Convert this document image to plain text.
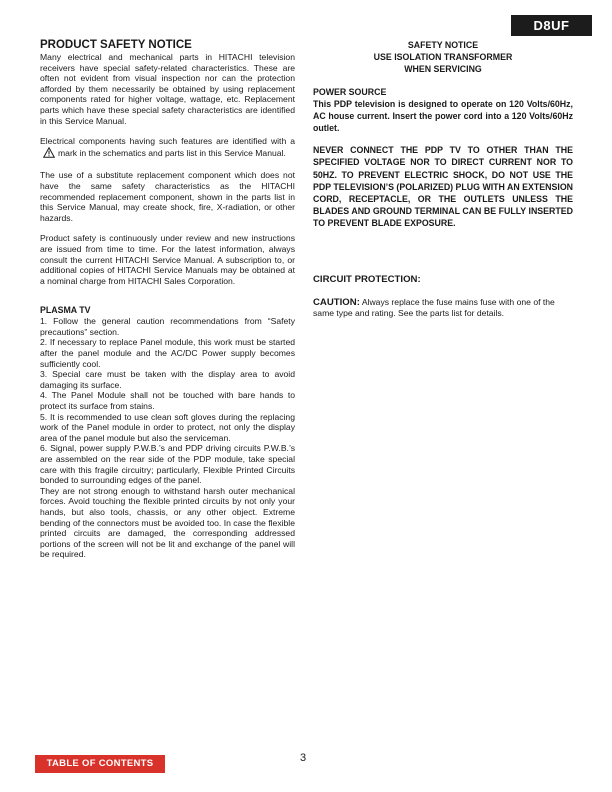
D8UF
PRODUCT SAFETY NOTICE

Many electrical and mechanical parts in HITACHI television receivers have special safety-related characteristics. These are often not evident from visual inspection nor can the protection afforded by them necessarily be obtained by using replacement components rated for higher voltage, wattage, etc. Replacement parts which have these special safety characteristics are identified in this Service Manual.

Electrical components having such features are identified with amark in the schematics and parts list in this Service Manual.

The use of a substitute replacement component which does not have the same safety characteristics as the HITACHI recommended replacement component, shown in the parts list in this Service Manual, may create shock, fire, X-radiation, or other hazards.

Product safety is continuously under review and new instructions are issued from time to time. For the latest information, always consult the current HITACHI Service Manual. A subscription to, or additional copies of HITACHI Service Manuals may be obtained at a nominal charge from HITACHI Sales Corporation.

PLASMA TV

1. Follow the general caution recommendations from “Safety precautions” section.

2. If necessary to replace Panel module, this work must be started after the panel module and the AC/DC Power supply becomes sufficiently cool.

3. Special care must be taken with the display area to avoid damaging its surface.

4. The Panel Module shall not be touched with bare hands to protect its surface from stains.

5. It is recommended to use clean soft gloves during the replacing work of the Panel module in order to protect, not only the display area of the panel module but also the serviceman.

6. Signal, power supply P.W.B.’s and PDP driving circuits P.W.B.’s are assembled on the rear side of the PDP module, take special care with this fragile circuitry; particularly, Flexible Printed Circuits bonded to surrounding edges of the panel.

They are not strong enough to withstand harsh outer mechanical forces. Avoid touching the flexible printed circuits by not only your hands, but also tools, chassis, or any other object. Extreme bending of the connectors must be avoided too. In case the flexible printed circuits are damaged, the corresponding addressed portions of the screen will not be lit and exchange of the panel will be required.

SAFETY NOTICE

USE ISOLATION TRANSFORMER

WHEN SERVICING

POWER SOURCE

This PDP television is designed to operate on 120 Volts/60Hz, AC house current. Insert the power cord into a 120 Volts/60Hz outlet.

NEVER CONNECT THE PDP TV TO OTHER THAN THE SPECIFIED VOLTAGE NOR TO DIRECT CURRENT NOR TO 50HZ. TO PREVENT ELECTRIC SHOCK, DO NOT USE THE PDP TELEVISION’S (POLARIZED) PLUG WITH AN EXTENSION CORD, RECEPTACLE, OR THE OUTLETS UNLESS THE BLADES AND GROUND TERMINAL CAN BE FULLY INSERTED TO PREVENT BLADE EXPOSURE.

CIRCUIT PROTECTION:

CAUTION: Always replace the fuse mains fuse with one of the same type and rating. See the parts list for details.

TABLE OF CONTENTS	3
